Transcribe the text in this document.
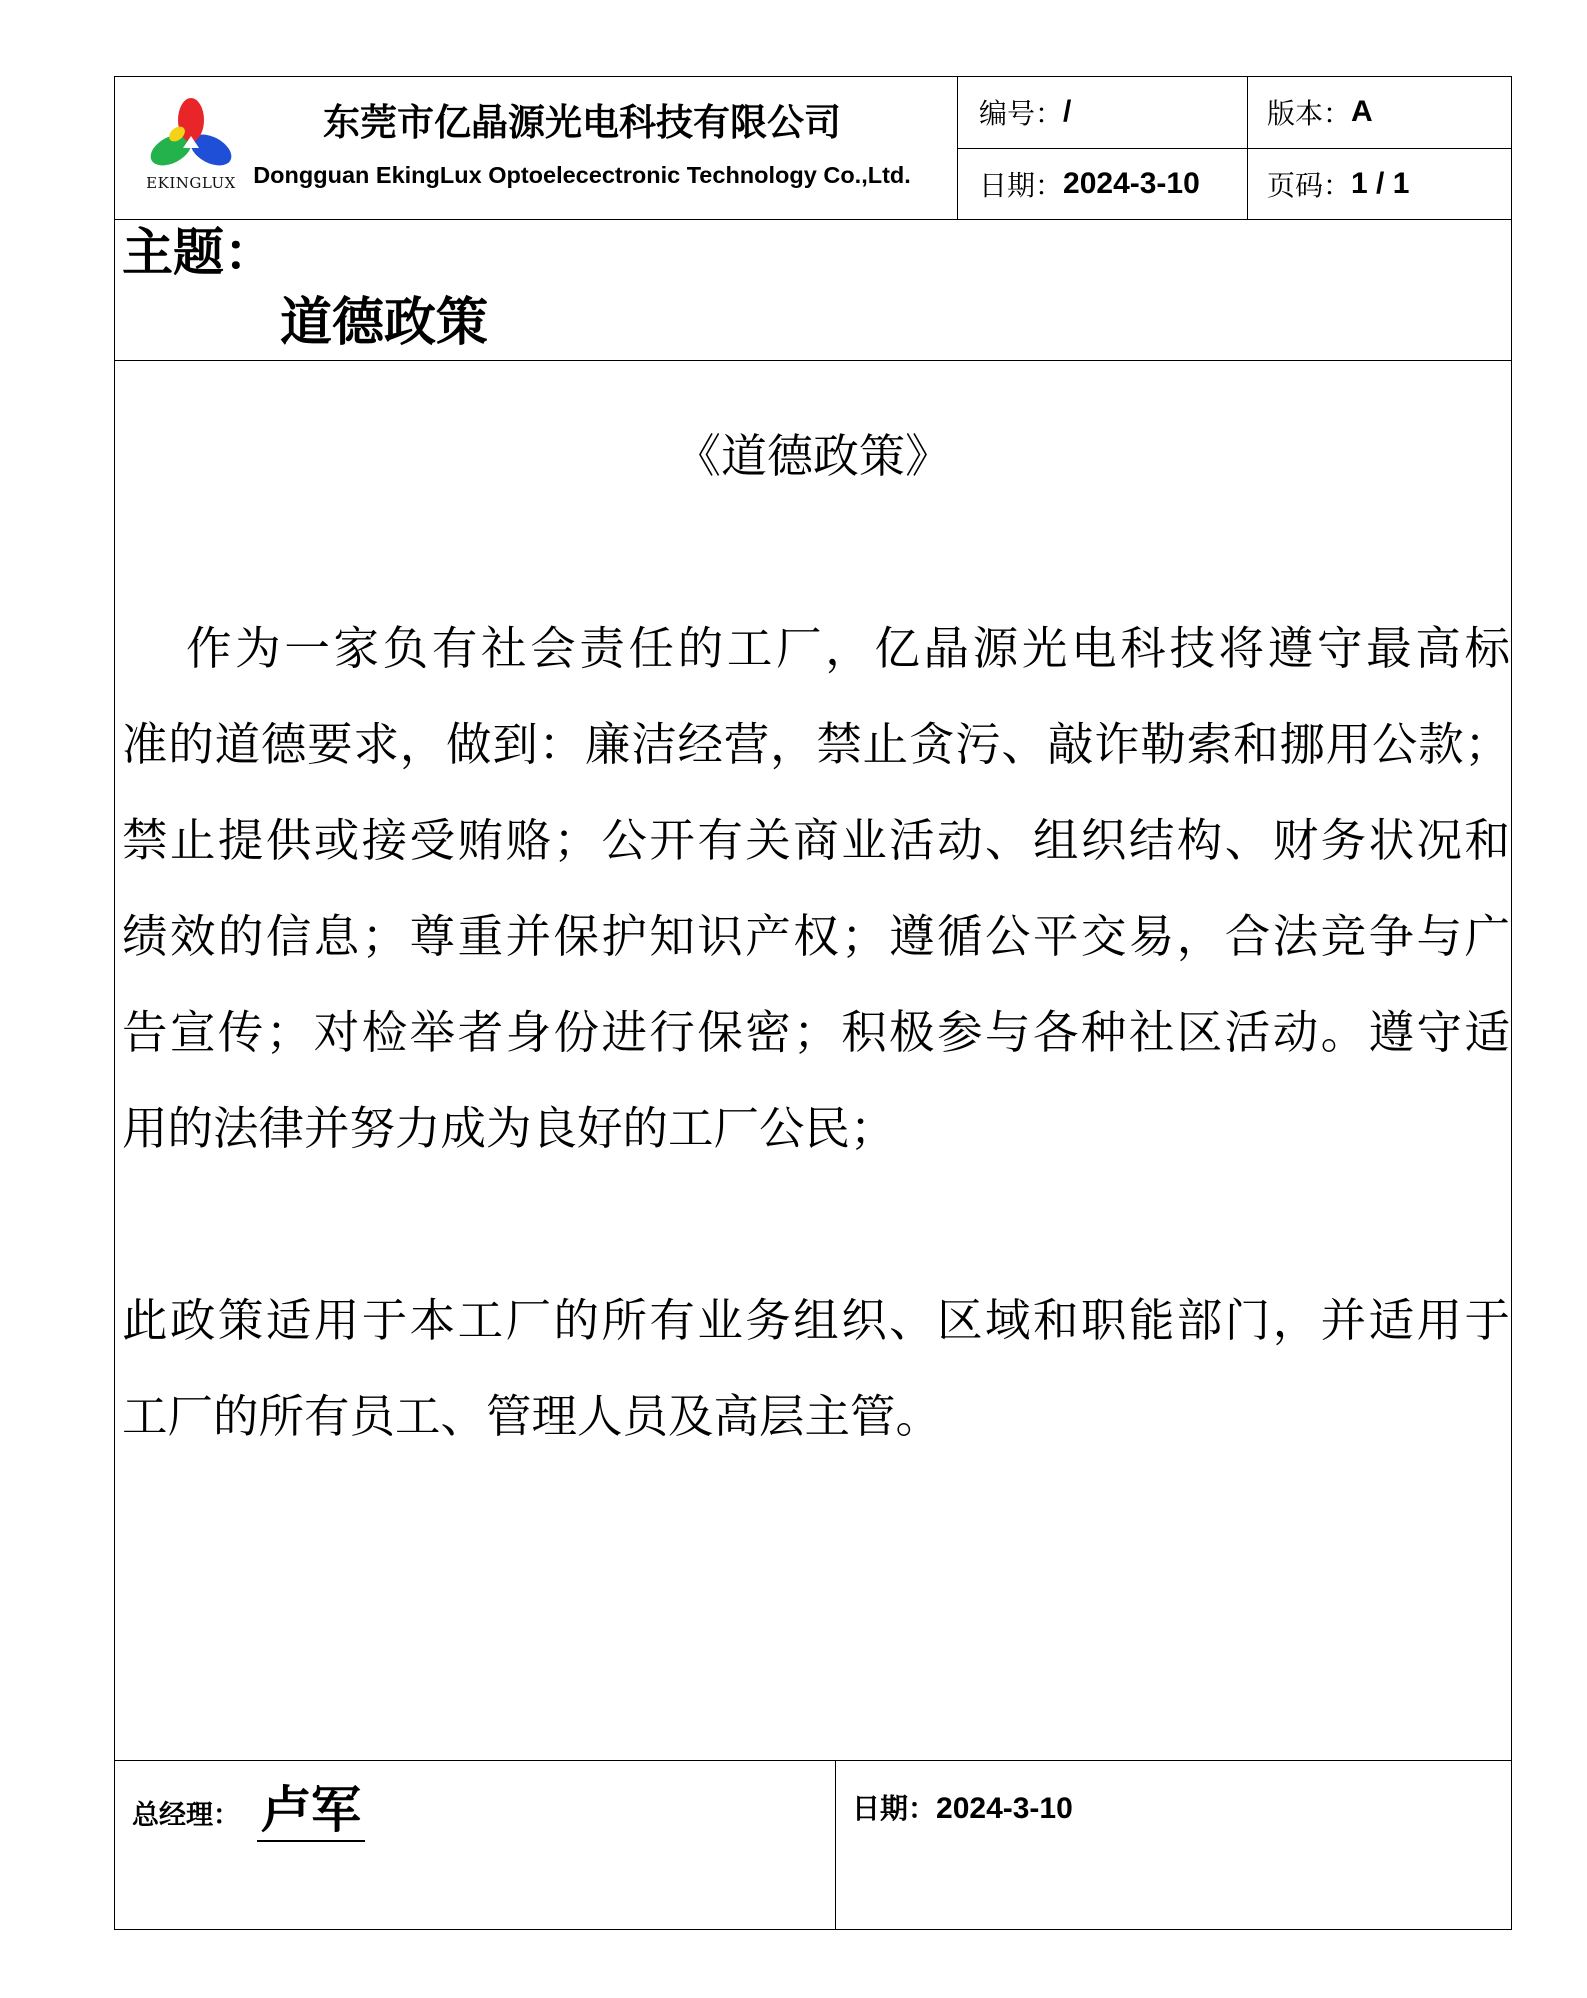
EKINGLUX
东莞市亿晶源光电科技有限公司
Dongguan EkingLux Optoelecectronic Technology Co.,Ltd.
编号： /	版本： A
日期： 2024-3-10 页码： 1 / 1
主题：
道德政策
《道德政策》
作为一家负有社会责任的工厂，亿晶源光电科技将遵守最高标
准的道德要求，做到：廉洁经营，禁止贪污、敲诈勒索和挪用公款；
禁止提供或接受贿赂；公开有关商业活动、组织结构、财务状况和
绩效的信息；尊重并保护知识产权；遵循公平交易，合法竞争与广
告宣传；对检举者身份进行保密；积极参与各种社区活动。遵守适
用的法律并努力成为良好的工厂公民；
此政策适用于本工厂的所有业务组织、区域和职能部门，并适用于
工厂的所有员工、管理人员及高层主管。
总经理： 卢军	日期：2024-3-10
